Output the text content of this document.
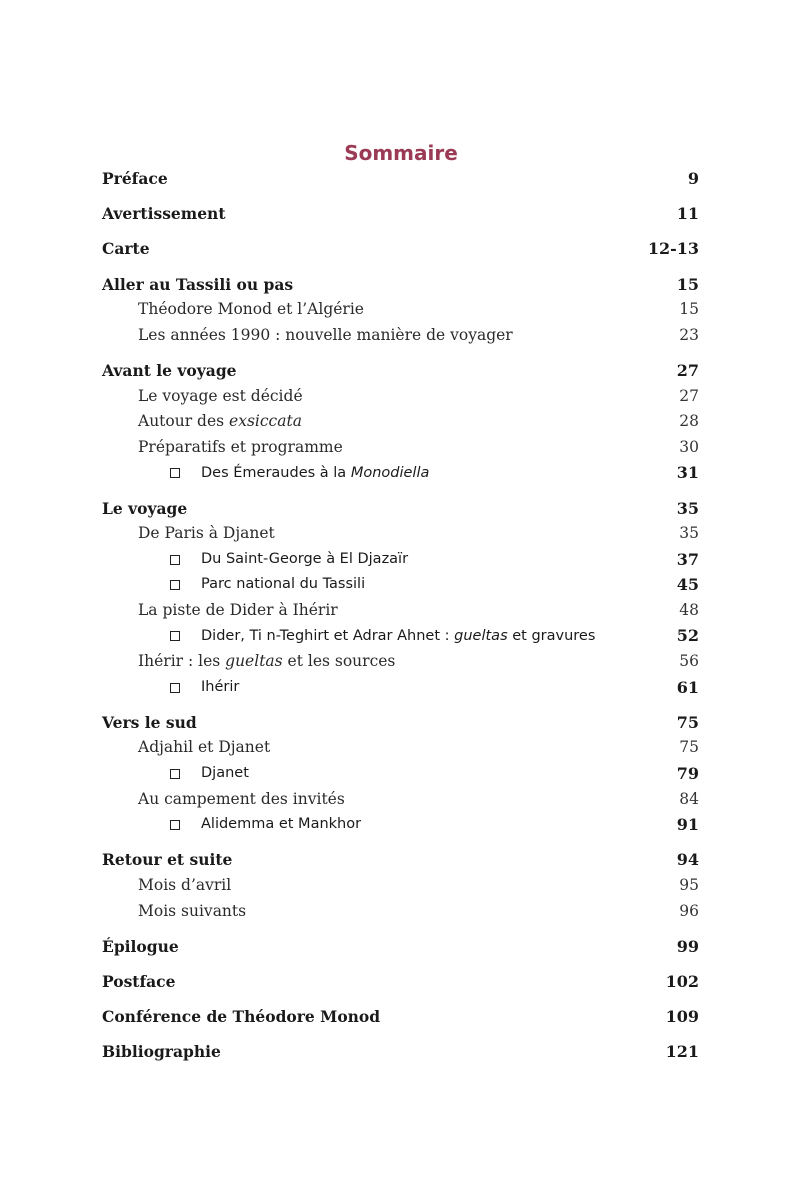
Sommaire
Préface	9
Avertissement	11
Carte	12-13
Aller au Tassili ou pas	15
Théodore Monod et l’Algérie	15
Les années 1990 : nouvelle manière de voyager	23
Avant le voyage	27
Le voyage est décidé	27
Autour des exsiccata	28
Préparatifs et programme	30
Des Émeraudes à la Monodiella	31
Le voyage	35
De Paris à Djanet	35
Du Saint-George à El Djazaïr	37
Parc national du Tassili	45
La piste de Dider à Ihérir	48
Dider, Ti n-Teghirt et Adrar Ahnet : gueltas et gravures	52
Ihérir : les gueltas et les sources	56
Ihérir	61
Vers le sud	75
Adjahil et Djanet	75
Djanet	79
Au campement des invités	84
Alidemma et Mankhor	91
Retour et suite	94
Mois d’avril	95
Mois suivants	96
Épilogue	99
Postface	102
Conférence de Théodore Monod	109
Bibliographie	121
